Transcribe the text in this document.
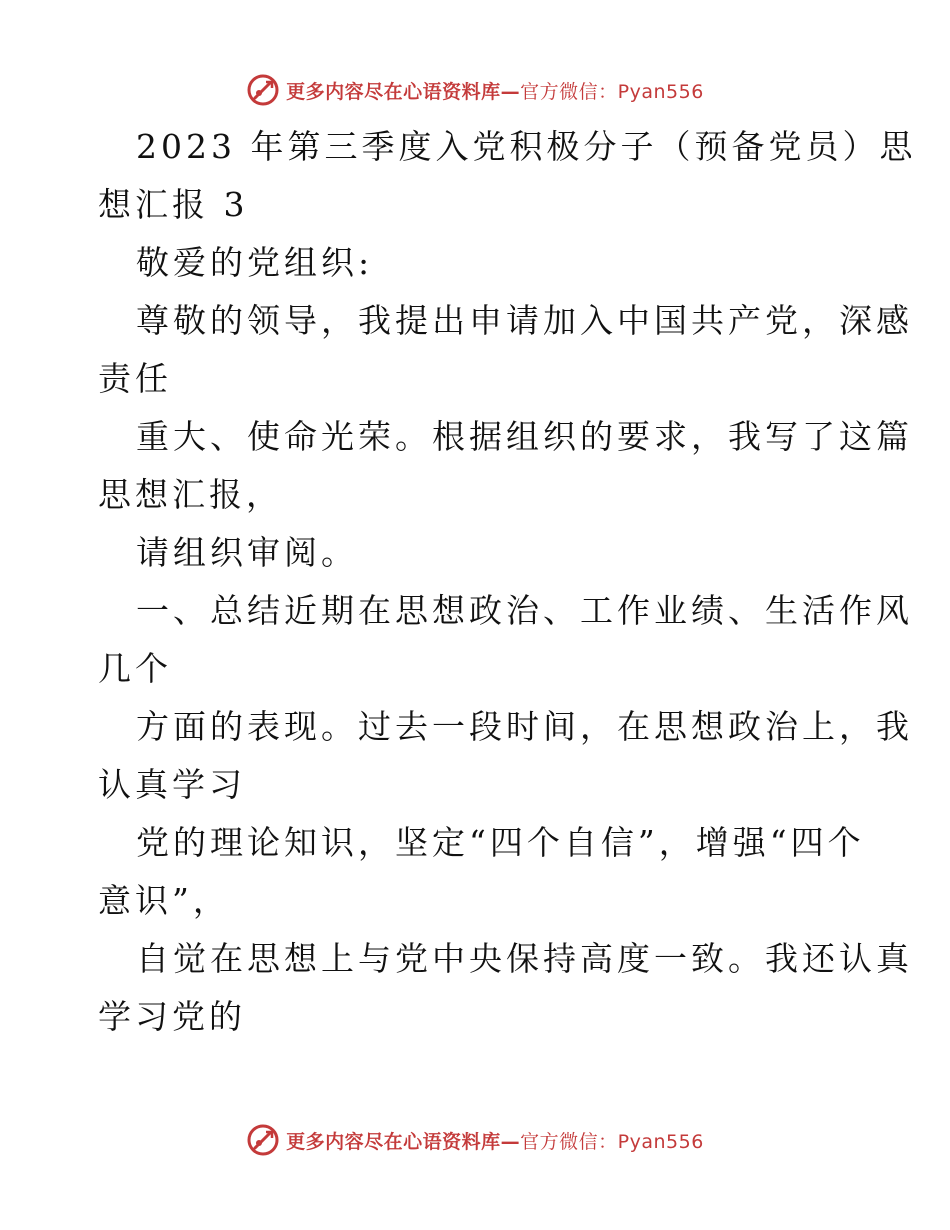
更多内容尽在心语资料库—官方微信：Pyan556
2023 年第三季度入党积极分子（预备党员）思
想汇报 3
敬爱的党组织:
尊敬的领导，我提出申请加入中国共产党，深感
责任
重大、使命光荣。根据组织的要求，我写了这篇
思想汇报，
请组织审阅。
一、总结近期在思想政治、工作业绩、生活作风
几个
方面的表现。过去一段时间，在思想政治上，我
认真学习
党的理论知识，坚定“四个自信”，增强“四个
意识”，
自觉在思想上与党中央保持高度一致。我还认真
学习党的
更多内容尽在心语资料库—官方微信：Pyan556
